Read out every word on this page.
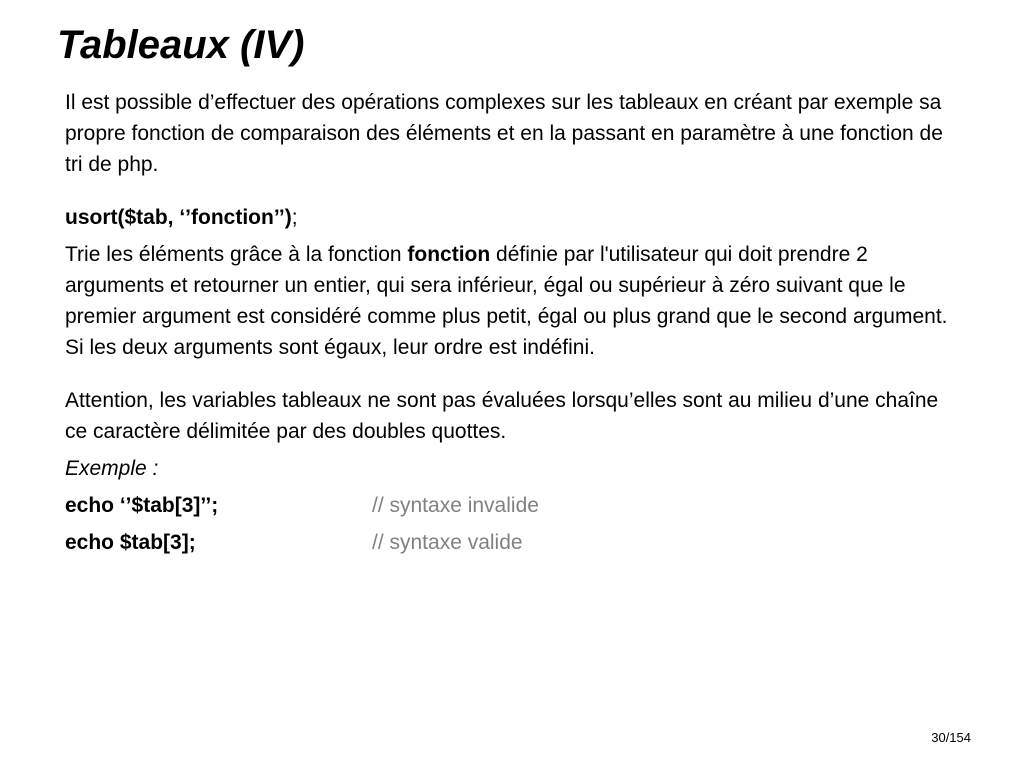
Tableaux (IV)

Il est possible d’effectuer des opérations complexes sur les tableaux en créant par exemple sa propre fonction de comparaison des éléments et en la passant en paramètre à une fonction de tri de php.

usort($tab, ‘’fonction’’);

Trie les éléments grâce à la fonction fonction définie par l'utilisateur qui doit prendre 2 arguments et retourner un entier, qui sera inférieur, égal ou supérieur à zéro suivant que le premier argument est considéré comme plus petit, égal ou plus grand que le second argument. Si les deux arguments sont égaux, leur ordre est indéfini.

Attention, les variables tableaux ne sont pas évaluées lorsqu’elles sont au milieu d’une chaîne ce caractère délimitée par des doubles quottes.

Exemple :

echo ‘’$tab[3]’’;	// syntaxe invalide
echo $tab[3];	// syntaxe valide
30/154
